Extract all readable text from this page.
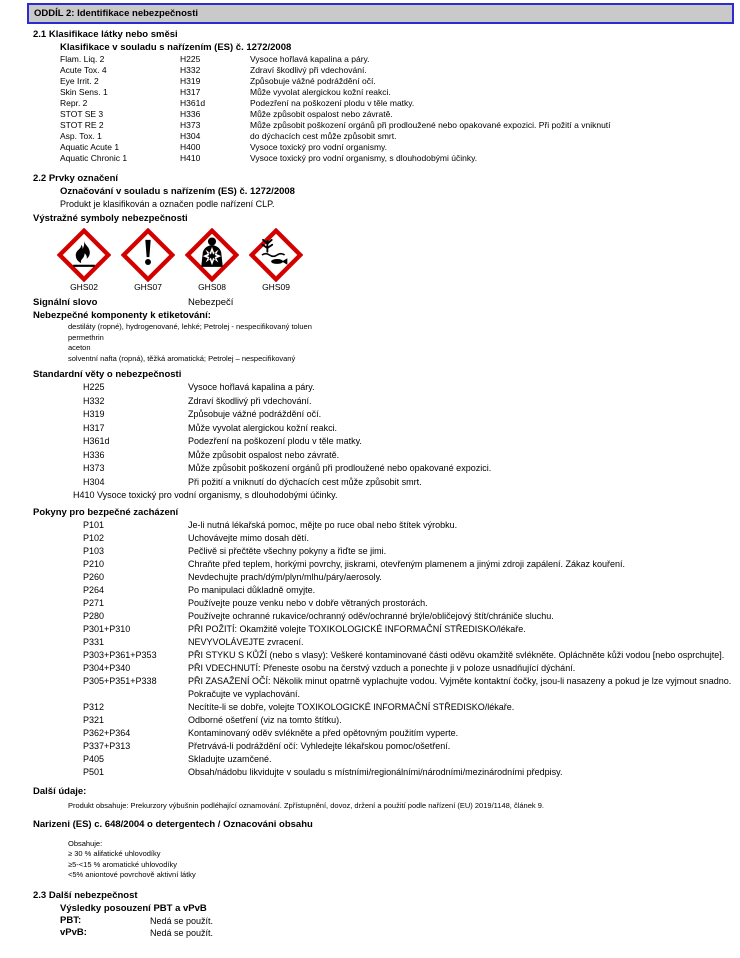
ODDÍL 2: Identifikace nebezpečnosti
2.1 Klasifikace látky nebo směsi
Klasifikace v souladu s nařízením (ES) č. 1272/2008
Flam. Liq. 2	H225	Vysoce hořlavá kapalina a páry.
Acute Tox. 4	H332	Zdraví škodlivý při vdechování.
Eye Irrit. 2	H319	Způsobuje vážné podráždění očí.
Skin Sens. 1	H317	Může vyvolat alergickou kožní reakci.
Repr. 2	H361d	Podezření na poškození plodu v těle matky.
STOT SE 3	H336	Může způsobit ospalost nebo závratě.
STOT RE 2	H373	Může způsobit poškození orgánů při prodloužené nebo opakované expozici. Při požití a vniknutí
Asp. Tox. 1	H304	do dýchacích cest může způsobit smrt.
Aquatic Acute 1	H400	Vysoce toxický pro vodní organismy.
Aquatic Chronic 1	H410	Vysoce toxický pro vodní organismy, s dlouhodobými účinky.
2.2 Prvky označení
Označování v souladu s nařízením (ES) č. 1272/2008
Produkt je klasifikován a označen podle nařízení CLP.
Výstražné symboly nebezpečnosti
GHS02	GHS07	GHS08	GHS09
Signální slovo	Nebezpečí
Nebezpečné komponenty k etiketování:
destiláty (ropné), hydrogenované, lehké; Petrolej - nespecifikovaný toluen
permethrin
aceton
solventní nafta (ropná), těžká aromatická; Petrolej – nespecifikovaný
Standardní věty o nebezpečnosti
H225	Vysoce hořlavá kapalina a páry.
H332	Zdraví škodlivý při vdechování.
H319	Způsobuje vážné podráždění očí.
H317	Může vyvolat alergickou kožní reakci.
H361d	Podezření na poškození plodu v těle matky.
H336	Může způsobit ospalost nebo závratě.
H373	Může způsobit poškození orgánů při prodloužené nebo opakované expozici.
H304	Při požití a vniknutí do dýchacích cest může způsobit smrt.
H410 Vysoce toxický pro vodní organismy, s dlouhodobými účinky.
Pokyny pro bezpečné zacházení
P101	Je-li nutná lékařská pomoc, mějte po ruce obal nebo štítek výrobku.
P102	Uchovávejte mimo dosah dětí.
P103	Pečlivě si přečtěte všechny pokyny a řiďte se jimi.
P210	Chraňte před teplem, horkými povrchy, jiskrami, otevřeným plamenem a jinými zdroji zapálení. Zákaz kouření.
P260	Nevdechujte prach/dým/plyn/mlhu/páry/aerosoly.
P264	Po manipulaci důkladně omyjte.
P271	Používejte pouze venku nebo v dobře větraných prostorách.
P280	Používejte ochranné rukavice/ochranný oděv/ochranné brýle/obličejový štít/chrániče sluchu.
P301+P310	PŘI POŽITÍ: Okamžitě volejte TOXIKOLOGICKÉ INFORMAČNÍ STŘEDISKO/lékaře.
P331	NEVYVOLÁVEJTE zvracení.
P303+P361+P353	PŘI STYKU S KŮŽÍ (nebo s vlasy): Veškeré kontaminované části oděvu okamžitě svlékněte. Opláchněte kůži vodou [nebo osprchujte].
P304+P340	PŘI VDECHNUTÍ: Přeneste osobu na čerstvý vzduch a ponechte ji v poloze usnadňující dýchání.
P305+P351+P338	PŘI ZASAŽENÍ OČÍ: Několik minut opatrně vyplachujte vodou. Vyjměte kontaktní čočky, jsou-li nasazeny a pokud je lze vyjmout snadno. Pokračujte ve vyplachování.
P312	Necítíte-li se dobře, volejte TOXIKOLOGICKÉ INFORMAČNÍ STŘEDISKO/lékaře.
P321	Odborné ošetření (viz na tomto štítku).
P362+P364	Kontaminovaný oděv svlékněte a před opětovným použitím vyperte.
P337+P313	Přetrvává-li podráždění očí: Vyhledejte lékařskou pomoc/ošetření.
P405	Skladujte uzamčené.
P501	Obsah/nádobu likvidujte v souladu s místními/regionálními/národními/mezinárodními předpisy.
Další údaje:
Produkt obsahuje: Prekurzory výbušnin podléhající oznamování. Zpřístupnění, dovoz, držení a použití podle nařízení (EU) 2019/1148, článek 9.
Narizeni (ES) c. 648/2004 o detergentech / Oznacováni obsahu
Obsahuje:
≥ 30 % alifatické uhlovodíky
≥5-<15 % aromatické uhlovodíky
<5% aniontové povrchově aktivní látky
2.3 Další nebezpečnost
Výsledky posouzení PBT a vPvB
PBT:	Nedá se použít.
vPvB:	Nedá se použít.
